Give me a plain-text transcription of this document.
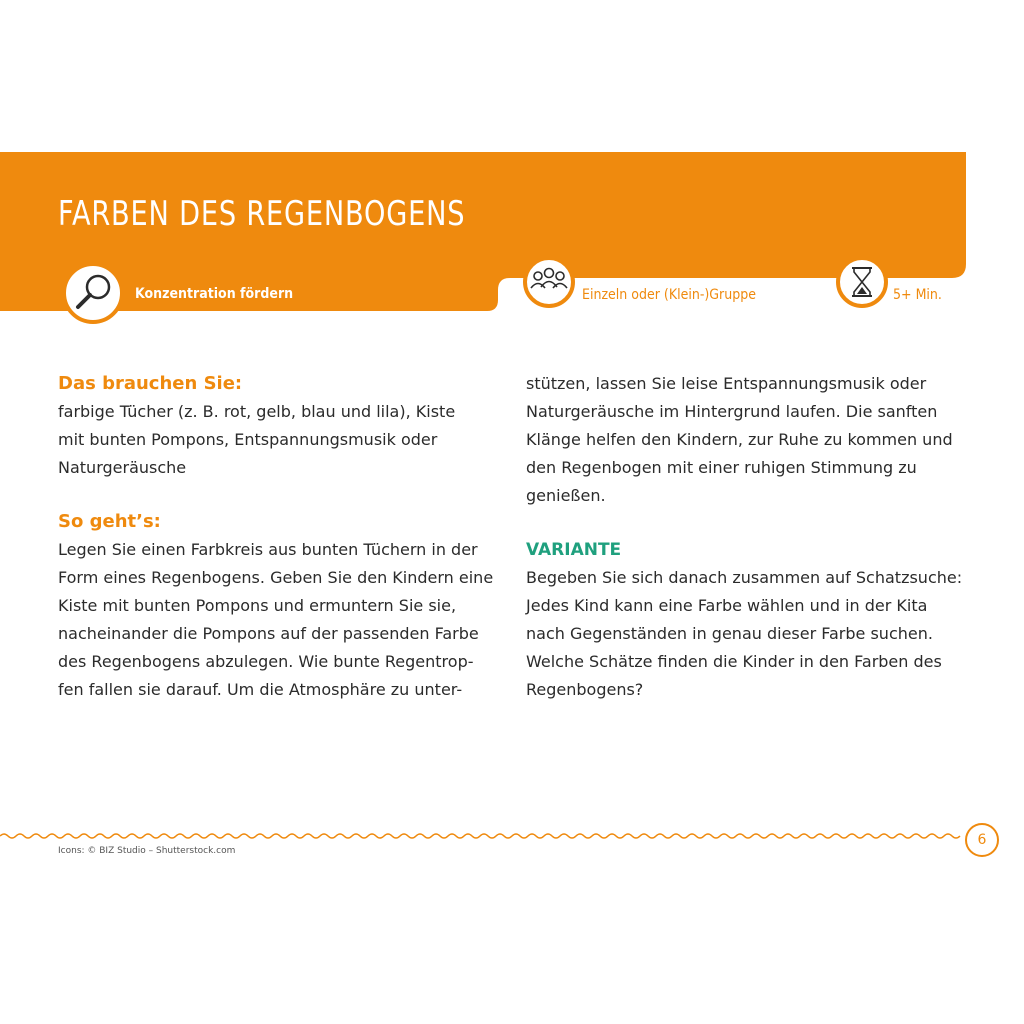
FARBEN DES REGENBOGENS
Konzentration fördern	Einzeln oder (Klein-)Gruppe	5+ Min.

Das brauchen Sie:

farbige Tücher (z. B. rot, gelb, blau und lila), Kiste
mit bunten Pompons, Entspannungsmusik oder
Naturgeräusche

So geht’s:

Legen Sie einen Farbkreis aus bunten Tüchern in der
Form eines Regenbogens. Geben Sie den Kindern eine
Kiste mit bunten Pompons und ermuntern Sie sie,
nacheinander die Pompons auf der passenden Farbe
des Regenbogens abzulegen. Wie bunte Regentrop-
fen fallen sie darauf. Um die Atmosphäre zu unter-

stützen, lassen Sie leise Entspannungsmusik oder
Naturgeräusche im Hintergrund laufen. Die sanften
Klänge helfen den Kindern, zur Ruhe zu kommen und
den Regenbogen mit einer ruhigen Stimmung zu
genießen.

VARIANTE

Begeben Sie sich danach zusammen auf Schatzsuche:
Jedes Kind kann eine Farbe wählen und in der Kita
nach Gegenständen in genau dieser Farbe suchen.
Welche Schätze finden die Kinder in den Farben des
Regenbogens?

6
Icons: © BIZ Studio – Shutterstock.com
